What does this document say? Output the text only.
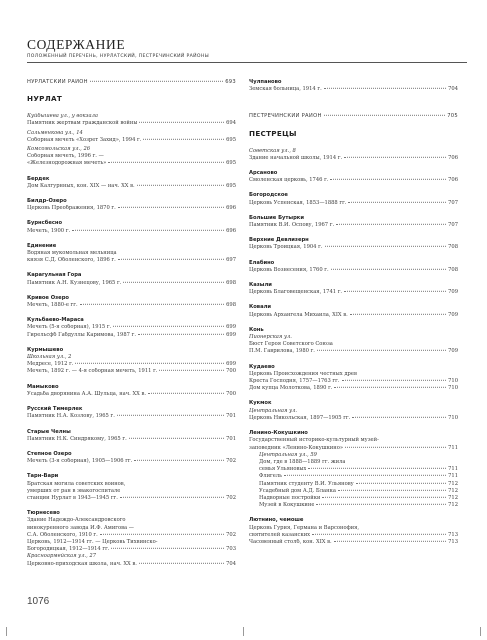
СОДЕРЖАНИЕ
ПОЛОЖЕННЫЙ ПЕРЕЧЕНЬ, НУРЛАТСКИЙ, ПЕСТРЕЧИНСКИЙ РАЙОНЫ
НУРЛАТСКИЙ РАЙОН	693
НУРЛАТ
Куйбышева ул., у вокзала
Памятник жертвам гражданской войны	694
Сальменкова ул., 14
Соборная мечеть «Хозрет Захид», 1994 г.	695
Комсомольская ул., 26
Соборная мечеть, 1996 г. —
«Железнодорожная мечеть»	695
Бердек
Дом Калгурнных, кон. XIX — нач. XX в.	695
Билдр-Озеро
Церковь Преображения, 1870 г.	696
Бурнсбесно
Мечеть, 1900 г.	696
Единение
Водяная мукомольная мельница
князя С.Д. Оболенского, 1896 г.	697
Карагульная Гора
Памятник А.Н. Кузнецову, 1965 г.	698
Кривое Озеро
Мечеть, 1880-е гг.	698
Кульбаево-Мараса
Мечеть (5-я соборная), 1915 г.	699
Гирельсфб Габдуллы Каримова, 1987 г.	699
Курмышево
Школьная ул., 2
Медресе, 1912 г.	699
Мечеть, 1892 г. — 4-я соборная мечеть, 1911 г.	700
Мамыково
Усадьба дворянина А.А. Шульца, нач. XX в.	700
Русский Тимерлек
Памятник Н.А. Козлову, 1965 г.	701
Старые Челны
Памятник Н.К. Синдрякому, 1965 г.	701
Степное Озеро
Мечеть (3-я соборная), 1905—1906 гг.	702
Тарн-Вари
Братская могила советских воинов,
умерших от ран в эвакогоспитале
станции Нурлат в 1943—1945 гг.	702
Тюрнесево
Здание Надеждо-Александровского
винокуренного завода И.Ф. Амигова —
С.А. Оболенского, 1910 г.	702
Церковь, 1912—1914 гг. — Церковь Тихвинско-
Богородицкая, 1912—1914 гг.	703
Красноармейская ул., 27
Церковно-приходская школа, нач. XX в.	704
Чулпаново
Земская больница, 1914 г.	704
ПЕСТРЕЧИНСКИЙ РАЙОН	705
ПЕСТРЕЦЫ
Советская ул., 8
Здание начальной школы, 1914 г.	706
Арсаново
Смоленская церковь, 1746 г.	706
Богородское
Церковь Успенская, 1853—1888 гг.	707
Большие Бутырки
Памятник В.И. Оспову, 1967 г.	707
Верхние Девлизерн
Церковь Троицкая, 1904 г.	708
Елабино
Церковь Вознесения, 1760 г.	708
Казыли
Церковь Благовещенская, 1741 г.	709
Ковали
Церковь Архангела Михаила, XIX в.	709
Конь
Пионерская ул.
Бюст Героя Советского Союза
П.М. Гаврилова, 1980 г.	709
Кудаево
Церковь Происхождения честных древ
Креста Господня, 1757—1763 гг.	710
Дом купца Молоткова, 1890 г.	710
Кукмок
Центральная ул.
Церковь Никольская, 1897—1905 гг.	710
Ленино-Кокушкино
Государственный историко-культурный музей-
заповедник «Ленино-Кокушкино»	711
Центральная ул., 59
Дом, где в 1888—1889 гг. жила
семья Ульяновых	711
Флигель	711
Памятник студенту В.И. Ульянову	712
Усадебный дом А.Д. Бланка	712
Надворные постройки	712
Музей в Кокушкине	712
Лютнино, чемоше
Церковь Гурия, Германа и Варсонофия,
святителей казанских	713
Часовенный столб, кон. XIX в.	713
1076
